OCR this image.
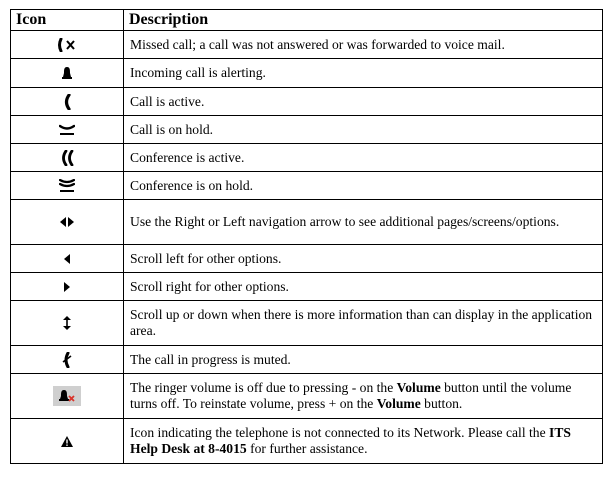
Icon	Description

	Missed call; a call was not answered or was forwarded to voice mail.

	Incoming call is alerting.

	Call is active.

	Call is on hold.

	Conference is active.

	Conference is on hold.

	Use the Right or Left navigation arrow to see additional pages/screens/options.

	Scroll left for other options.

	Scroll right for other options.

	Scroll up or down when there is more information than can display in the application area.

	The call in progress is muted.

	The ringer volume is off due to pressing - on the Volume button until the volume turns off. To reinstate volume, press + on the Volume button.

	Icon indicating the telephone is not connected to its Network. Please call the ITS Help Desk at 8-4015 for further assistance.
